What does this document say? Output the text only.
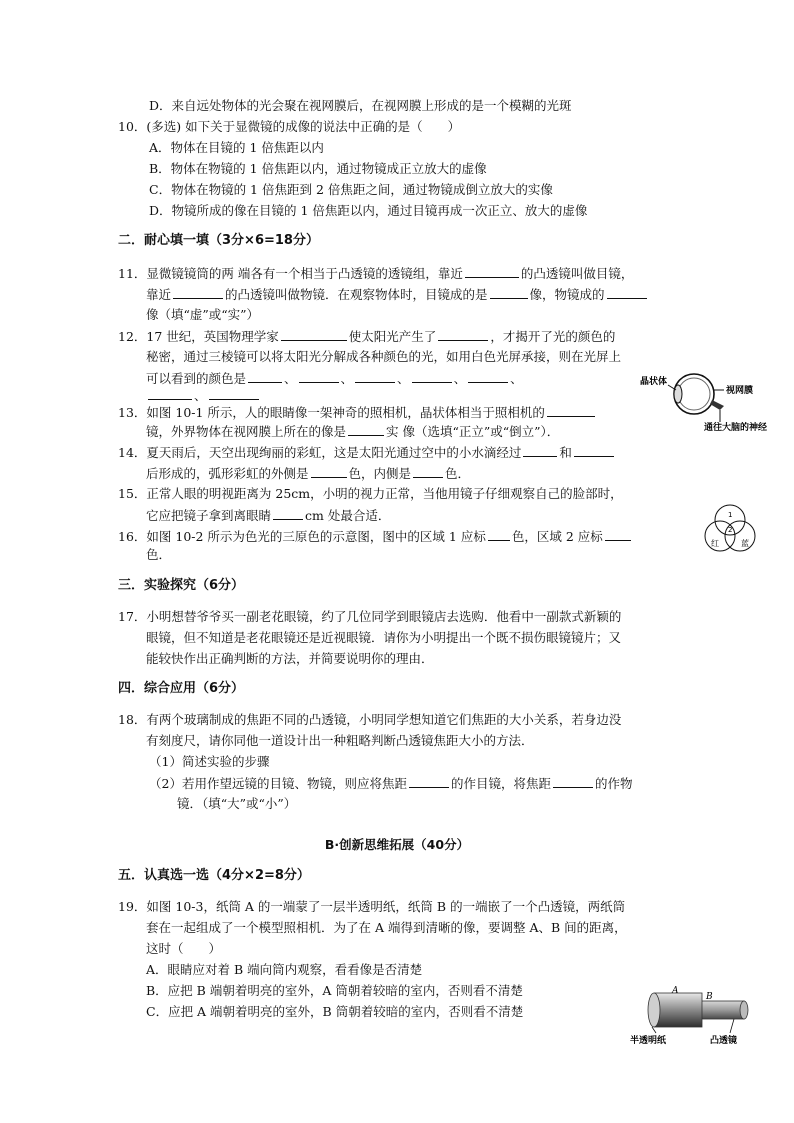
D．来自远处物体的光会聚在视网膜后，在视网膜上形成的是一个模糊的光斑
10．(多选) 如下关于显微镜的成像的说法中正确的是（　　）
A．物体在目镜的 1 倍焦距以内
B．物体在物镜的 1 倍焦距以内，通过物镜成正立放大的虚像
C．物体在物镜的 1 倍焦距到 2 倍焦距之间，通过物镜成倒立放大的实像
D．物镜所成的像在目镜的 1 倍焦距以内，通过目镜再成一次正立、放大的虚像
二．耐心填一填（3分×6=18分）
11．显微镜镜筒的两 端各有一个相当于凸透镜的透镜组，靠近	的凸透镜叫做目镜，
靠近	的凸透镜叫做物镜．在观察物体时，目镜成的是	像，物镜成的
像（填“虚”或“实”）
12．17 世纪，英国物理学家	使太阳光产生了	，才揭开了光的颜色的
秘密，通过三棱镜可以将太阳光分解成各种颜色的光，如用白色光屏承接，则在光屏上
可以看到的颜色是	、	、	、	、	、
、
13．如图 10-1 所示，人的眼睛像一架神奇的照相机，晶状体相当于照相机的
镜，外界物体在视网膜上所在的像是	实 像（选填“正立”或“倒立”）．
14．夏天雨后，天空出现绚丽的彩虹，这是太阳光通过空中的小水滴经过	和
后形成的，弧形彩虹的外侧是	色，内侧是	色．
15．正常人眼的明视距离为 25cm，小明的视力正常，当他用镜子仔细观察自己的脸部时，
它应把镜子拿到离眼睛	cm 处最合适．
16．如图 10-2 所示为色光的三原色的示意图，图中的区域 1 应标 色，区域 2 应标
色．
三．实验探究（6分）
17．小明想替爷爷买一副老花眼镜，约了几位同学到眼镜店去选购．他看中一副款式新颖的
眼镜，但不知道是老花眼镜还是近视眼镜．请你为小明提出一个既不损伤眼镜镜片；又
能较快作出正确判断的方法，并简要说明你的理由．
四．综合应用（6分）
18．有两个玻璃制成的焦距不同的凸透镜，小明同学想知道它们焦距的大小关系，若身边没
有刻度尺，请你同他一道设计出一种粗略判断凸透镜焦距大小的方法．
（1）简述实验的步骤
（2）若用作望远镜的目镜、物镜，则应将焦距	的作目镜，将焦距	的作物
镜．（填“大”或“小”）
B·创新思维拓展（40分）
五．认真选一选（4分×2=8分）
19．如图 10-3，纸筒 A 的一端蒙了一层半透明纸，纸筒 B 的一端嵌了一个凸透镜，两纸筒
套在一起组成了一个模型照相机．为了在 A 端得到清晰的像，要调整 A、B 间的距离，
这时（　　）
A．眼睛应对着 B 端向筒内观察，看看像是否清楚
B．应把 B 端朝着明亮的室外，A 筒朝着较暗的室内，否则看不清楚
C．应把 A 端朝着明亮的室外，B 筒朝着较暗的室内，否则看不清楚
晶状体
视网膜
通往大脑的神经
1
2
红	蓝
A
B
半透明纸	凸透镜
